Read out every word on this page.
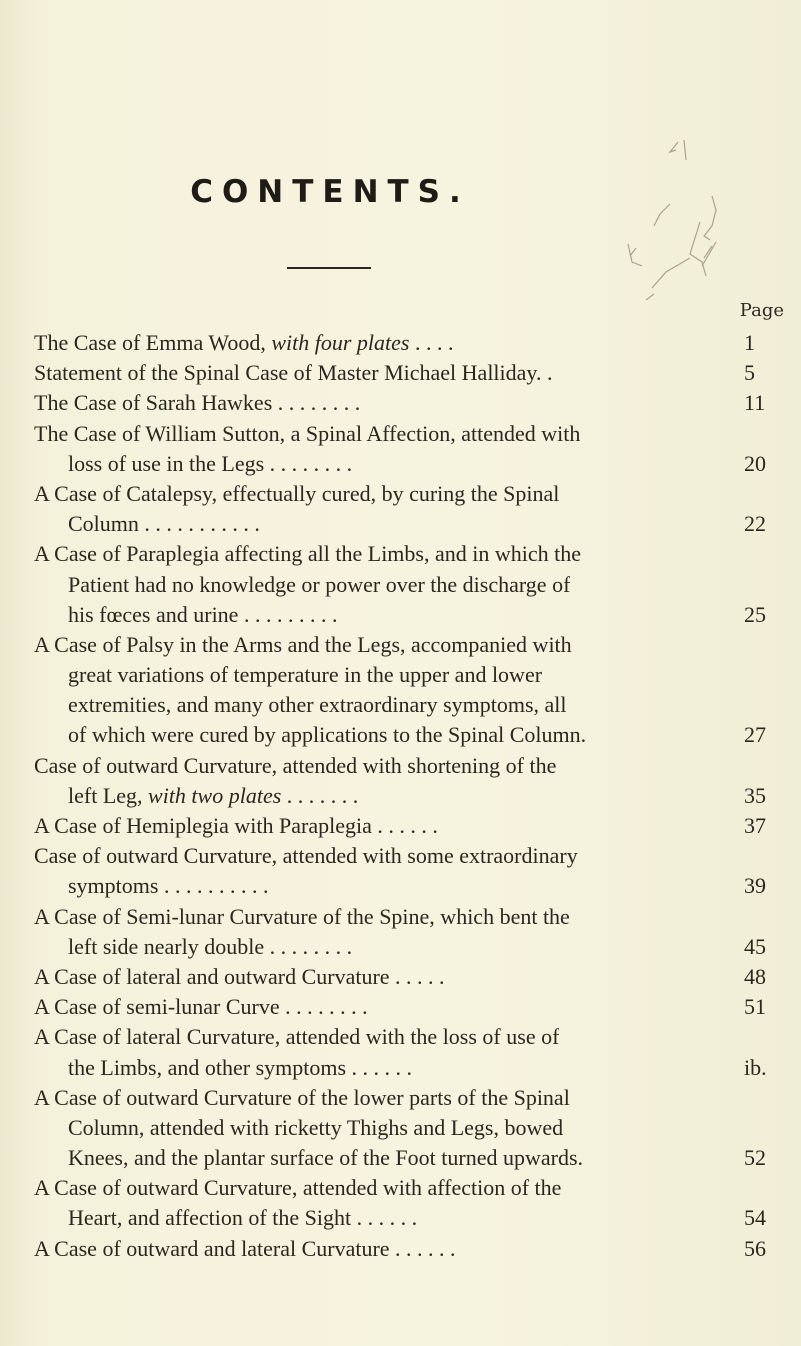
CONTENTS.
Page
The Case of Emma Wood, with four plates . . . .	1
Statement of the Spinal Case of Master Michael Halliday. .	5
The Case of Sarah Hawkes . . . . . . . .	11
The Case of William Sutton, a Spinal Affection, attended with
loss of use in the Legs . . . . . . . .	20
A Case of Catalepsy, effectually cured, by curing the Spinal
Column . . . . . . . . . . .	22
A Case of Paraplegia affecting all the Limbs, and in which the
Patient had no knowledge or power over the discharge of
his fœces and urine . . . . . . . . .	25
A Case of Palsy in the Arms and the Legs, accompanied with
great variations of temperature in the upper and lower
extremities, and many other extraordinary symptoms, all
of which were cured by applications to the Spinal Column.	27
Case of outward Curvature, attended with shortening of the
left Leg, with two plates . . . . . . .	35
A Case of Hemiplegia with Paraplegia . . . . . .	37
Case of outward Curvature, attended with some extraordinary
symptoms . . . . . . . . . .	39
A Case of Semi-lunar Curvature of the Spine, which bent the
left side nearly double . . . . . . . .	45
A Case of lateral and outward Curvature . . . . .	48
A Case of semi-lunar Curve . . . . . . . .	51
A Case of lateral Curvature, attended with the loss of use of
the Limbs, and other symptoms . . . . . .	ib.
A Case of outward Curvature of the lower parts of the Spinal
Column, attended with ricketty Thighs and Legs, bowed
Knees, and the plantar surface of the Foot turned upwards.	52
A Case of outward Curvature, attended with affection of the
Heart, and affection of the Sight . . . . . .	54
A Case of outward and lateral Curvature . . . . . .	56
